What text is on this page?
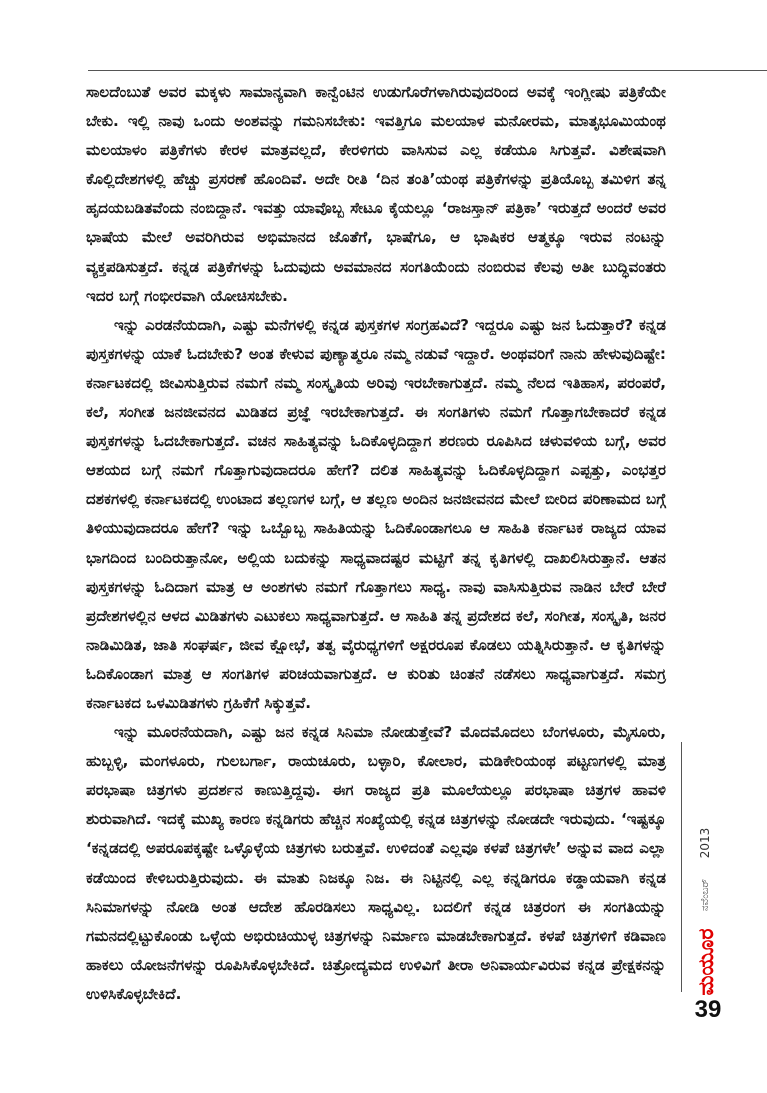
ಸಾಲದೆಂಬುತೆ ಅವರ ಮಕ್ಕಳು ಸಾಮಾನ್ಯವಾಗಿ ಕಾನ್ವೆಂಟಿನ ಉಡುಗೊರೆಗಳಾಗಿರುವುದರಿಂದ ಅವಕ್ಕೆ ಇಂಗ್ಲೀಷು ಪತ್ರಿಕೆಯೇ ಬೇಕು. ಇಲ್ಲಿ ನಾವು ಒಂದು ಅಂಶವನ್ನು ಗಮನಿಸಬೇಕು: ಇವತ್ತಿಗೂ ಮಲಯಾಳ ಮನೋರಮ, ಮಾತೃಭೂಮಿಯಂಥ ಮಲಯಾಳಂ ಪತ್ರಿಕೆಗಳು ಕೇರಳ ಮಾತ್ರವಲ್ಲದೆ, ಕೇರಳಿಗರು ವಾಸಿಸುವ ಎಲ್ಲ ಕಡೆಯೂ ಸಿಗುತ್ತವೆ. ವಿಶೇಷವಾಗಿ ಕೊಲ್ಲಿದೇಶಗಳಲ್ಲಿ ಹೆಚ್ಚು ಪ್ರಸರಣೆ ಹೊಂದಿವೆ. ಅದೇ ರೀತಿ ‘ದಿನ ತಂತಿ’ಯಂಥ ಪತ್ರಿಕೆಗಳನ್ನು ಪ್ರತಿಯೊಬ್ಬ ತಮಿಳಿಗ ತನ್ನ ಹೃದಯಬಡಿತವೆಂದು ನಂಬಿದ್ದಾನೆ. ಇವತ್ತು ಯಾವೊಬ್ಬ ಸೇಟೂ ಕೈಯಲ್ಲೂ ‘ರಾಜಸ್ತಾನ್ ಪತ್ರಿಕಾ’ ಇರುತ್ತದೆ ಅಂದರೆ ಅವರ ಭಾಷೆಯ ಮೇಲೆ ಅವರಿಗಿರುವ ಅಭಿಮಾನದ ಜೊತೆಗೆ, ಭಾಷೆಗೂ, ಆ ಭಾಷಿಕರ ಆತ್ಮಕ್ಕೂ ಇರುವ ನಂಟನ್ನು ವ್ಯಕ್ತಪಡಿಸುತ್ತದೆ. ಕನ್ನಡ ಪತ್ರಿಕೆಗಳನ್ನು ಓದುವುದು ಅವಮಾನದ ಸಂಗತಿಯೆಂದು ನಂಬಿರುವ ಕೆಲವು ಅತೀ ಬುದ್ಧಿವಂತರು ಇದರ ಬಗ್ಗೆ ಗಂಭೀರವಾಗಿ ಯೋಚಿಸಬೇಕು.

ಇನ್ನು ಎರಡನೆಯದಾಗಿ, ಎಷ್ಟು ಮನೆಗಳಲ್ಲಿ ಕನ್ನಡ ಪುಸ್ತಕಗಳ ಸಂಗ್ರಹವಿದೆ? ಇದ್ದರೂ ಎಷ್ಟು ಜನ ಓದುತ್ತಾರೆ? ಕನ್ನಡ ಪುಸ್ತಕಗಳನ್ನು ಯಾಕೆ ಓದಬೇಕು? ಅಂತ ಕೇಳುವ ಪುಣ್ಯಾತ್ಮರೂ ನಮ್ಮ ನಡುವೆ ಇದ್ದಾರೆ. ಅಂಥವರಿಗೆ ನಾನು ಹೇಳುವುದಿಷ್ಟೇ: ಕರ್ನಾಟಕದಲ್ಲಿ ಜೀವಿಸುತ್ತಿರುವ ನಮಗೆ ನಮ್ಮ ಸಂಸ್ಕೃತಿಯ ಅರಿವು ಇರಬೇಕಾಗುತ್ತದೆ. ನಮ್ಮ ನೆಲದ ಇತಿಹಾಸ, ಪರಂಪರೆ, ಕಲೆ, ಸಂಗೀತ ಜನಜೀವನದ ಮಿಡಿತದ ಪ್ರಜ್ಞೆ ಇರಬೇಕಾಗುತ್ತದೆ. ಈ ಸಂಗತಿಗಳು ನಮಗೆ ಗೊತ್ತಾಗಬೇಕಾದರೆ ಕನ್ನಡ ಪುಸ್ತಕಗಳನ್ನು ಓದಬೇಕಾಗುತ್ತದೆ. ವಚನ ಸಾಹಿತ್ಯವನ್ನು ಓದಿಕೊಳ್ಳದಿದ್ದಾಗ ಶರಣರು ರೂಪಿಸಿದ ಚಳುವಳಿಯ ಬಗ್ಗೆ, ಅವರ ಆಶಯದ ಬಗ್ಗೆ ನಮಗೆ ಗೊತ್ತಾಗುವುದಾದರೂ ಹೇಗೆ? ದಲಿತ ಸಾಹಿತ್ಯವನ್ನು ಓದಿಕೊಳ್ಳದಿದ್ದಾಗ ಎಪ್ಪತ್ತು, ಎಂಭತ್ತರ ದಶಕಗಳಲ್ಲಿ ಕರ್ನಾಟಕದಲ್ಲಿ ಉಂಟಾದ ತಲ್ಲಣಗಳ ಬಗ್ಗೆ, ಆ ತಲ್ಲಣ ಅಂದಿನ ಜನಜೀವನದ ಮೇಲೆ ಬೀರಿದ ಪರಿಣಾಮದ ಬಗ್ಗೆ ತಿಳಿಯುವುದಾದರೂ ಹೇಗೆ? ಇನ್ನು ಒಬ್ಬೊಬ್ಬ ಸಾಹಿತಿಯನ್ನು ಓದಿಕೊಂಡಾಗಲೂ ಆ ಸಾಹಿತಿ ಕರ್ನಾಟಕ ರಾಜ್ಯದ ಯಾವ ಭಾಗದಿಂದ ಬಂದಿರುತ್ತಾನೋ, ಅಲ್ಲಿಯ ಬದುಕನ್ನು ಸಾಧ್ಯವಾದಷ್ಟರ ಮಟ್ಟಿಗೆ ತನ್ನ ಕೃತಿಗಳಲ್ಲಿ ದಾಖಲಿಸಿರುತ್ತಾನೆ. ಆತನ ಪುಸ್ತಕಗಳನ್ನು ಓದಿದಾಗ ಮಾತ್ರ ಆ ಅಂಶಗಳು ನಮಗೆ ಗೊತ್ತಾಗಲು ಸಾಧ್ಯ. ನಾವು ವಾಸಿಸುತ್ತಿರುವ ನಾಡಿನ ಬೇರೆ ಬೇರೆ ಪ್ರದೇಶಗಳಲ್ಲಿನ ಆಳದ ಮಿಡಿತಗಳು ಎಟುಕಲು ಸಾಧ್ಯವಾಗುತ್ತದೆ. ಆ ಸಾಹಿತಿ ತನ್ನ ಪ್ರದೇಶದ ಕಲೆ, ಸಂಗೀತ, ಸಂಸ್ಕೃತಿ, ಜನರ ನಾಡಿಮಿಡಿತ, ಜಾತಿ ಸಂಘರ್ಷ, ಜೀವ ಕ್ಷೋಭೆ, ತತ್ವ ವೈರುಧ್ಯಗಳಿಗೆ ಅಕ್ಷರರೂಪ ಕೊಡಲು ಯತ್ನಿಸಿರುತ್ತಾನೆ. ಆ ಕೃತಿಗಳನ್ನು ಓದಿಕೊಂಡಾಗ ಮಾತ್ರ ಆ ಸಂಗತಿಗಳ ಪರಿಚಯವಾಗುತ್ತದೆ. ಆ ಕುರಿತು ಚಿಂತನೆ ನಡೆಸಲು ಸಾಧ್ಯವಾಗುತ್ತದೆ. ಸಮಗ್ರ ಕರ್ನಾಟಕದ ಒಳಮಿಡಿತಗಳು ಗ್ರಹಿಕೆಗೆ ಸಿಕ್ಕುತ್ತವೆ.

ಇನ್ನು ಮೂರನೆಯದಾಗಿ, ಎಷ್ಟು ಜನ ಕನ್ನಡ ಸಿನಿಮಾ ನೋಡುತ್ತೇವೆ? ಮೊದಮೊದಲು ಬೆಂಗಳೂರು, ಮೈಸೂರು, ಹುಬ್ಬಳ್ಳಿ, ಮಂಗಳೂರು, ಗುಲಬರ್ಗಾ, ರಾಯಚೂರು, ಬಳ್ಳಾರಿ, ಕೋಲಾರ, ಮಡಿಕೇರಿಯಂಥ ಪಟ್ಟಣಗಳಲ್ಲಿ ಮಾತ್ರ ಪರಭಾಷಾ ಚಿತ್ರಗಳು ಪ್ರದರ್ಶನ ಕಾಣುತ್ತಿದ್ದವು. ಈಗ ರಾಜ್ಯದ ಪ್ರತಿ ಮೂಲೆಯಲ್ಲೂ ಪರಭಾಷಾ ಚಿತ್ರಗಳ ಹಾವಳಿ ಶುರುವಾಗಿದೆ. ಇದಕ್ಕೆ ಮುಖ್ಯ ಕಾರಣ ಕನ್ನಡಿಗರು ಹೆಚ್ಚಿನ ಸಂಖ್ಯೆಯಲ್ಲಿ ಕನ್ನಡ ಚಿತ್ರಗಳನ್ನು ನೋಡದೇ ಇರುವುದು. ‘ಇಷ್ಟಕ್ಕೂ ‘ಕನ್ನಡದಲ್ಲಿ ಅಪರೂಪಕ್ಕಷ್ಟೇ ಒಳ್ಳೊಳ್ಳೆಯ ಚಿತ್ರಗಳು ಬರುತ್ತವೆ. ಉಳಿದಂತೆ ಎಲ್ಲವೂ ಕಳಪೆ ಚಿತ್ರಗಳೇ’ ಅನ್ನುವ ವಾದ ಎಲ್ಲಾ ಕಡೆಯಿಂದ ಕೇಳಿಬರುತ್ತಿರುವುದು. ಈ ಮಾತು ನಿಜಕ್ಕೂ ನಿಜ. ಈ ನಿಟ್ಟಿನಲ್ಲಿ ಎಲ್ಲ ಕನ್ನಡಿಗರೂ ಕಡ್ಡಾಯವಾಗಿ ಕನ್ನಡ ಸಿನಿಮಾಗಳನ್ನು ನೋಡಿ ಅಂತ ಆದೇಶ ಹೊರಡಿಸಲು ಸಾಧ್ಯವಿಲ್ಲ. ಬದಲಿಗೆ ಕನ್ನಡ ಚಿತ್ರರಂಗ ಈ ಸಂಗತಿಯನ್ನು ಗಮನದಲ್ಲಿಟ್ಟುಕೊಂಡು ಒಳ್ಳೆಯ ಅಭಿರುಚಿಯುಳ್ಳ ಚಿತ್ರಗಳನ್ನು ನಿರ್ಮಾಣ ಮಾಡಬೇಕಾಗುತ್ತದೆ. ಕಳಪೆ ಚಿತ್ರಗಳಿಗೆ ಕಡಿವಾಣ ಹಾಕಲು ಯೋಜನೆಗಳನ್ನು ರೂಪಿಸಿಕೊಳ್ಳಬೇಕಿದೆ. ಚಿತ್ರೋದ್ಯಮದ ಉಳಿವಿಗೆ ತೀರಾ ಅನಿವಾರ್ಯವಿರುವ ಕನ್ನಡ ಪ್ರೇಕ್ಷಕನನ್ನು ಉಳಿಸಿಕೊಳ್ಳಬೇಕಿದೆ.

2013
ನವೆಂಬರ್
ಮಯೂರ
39
